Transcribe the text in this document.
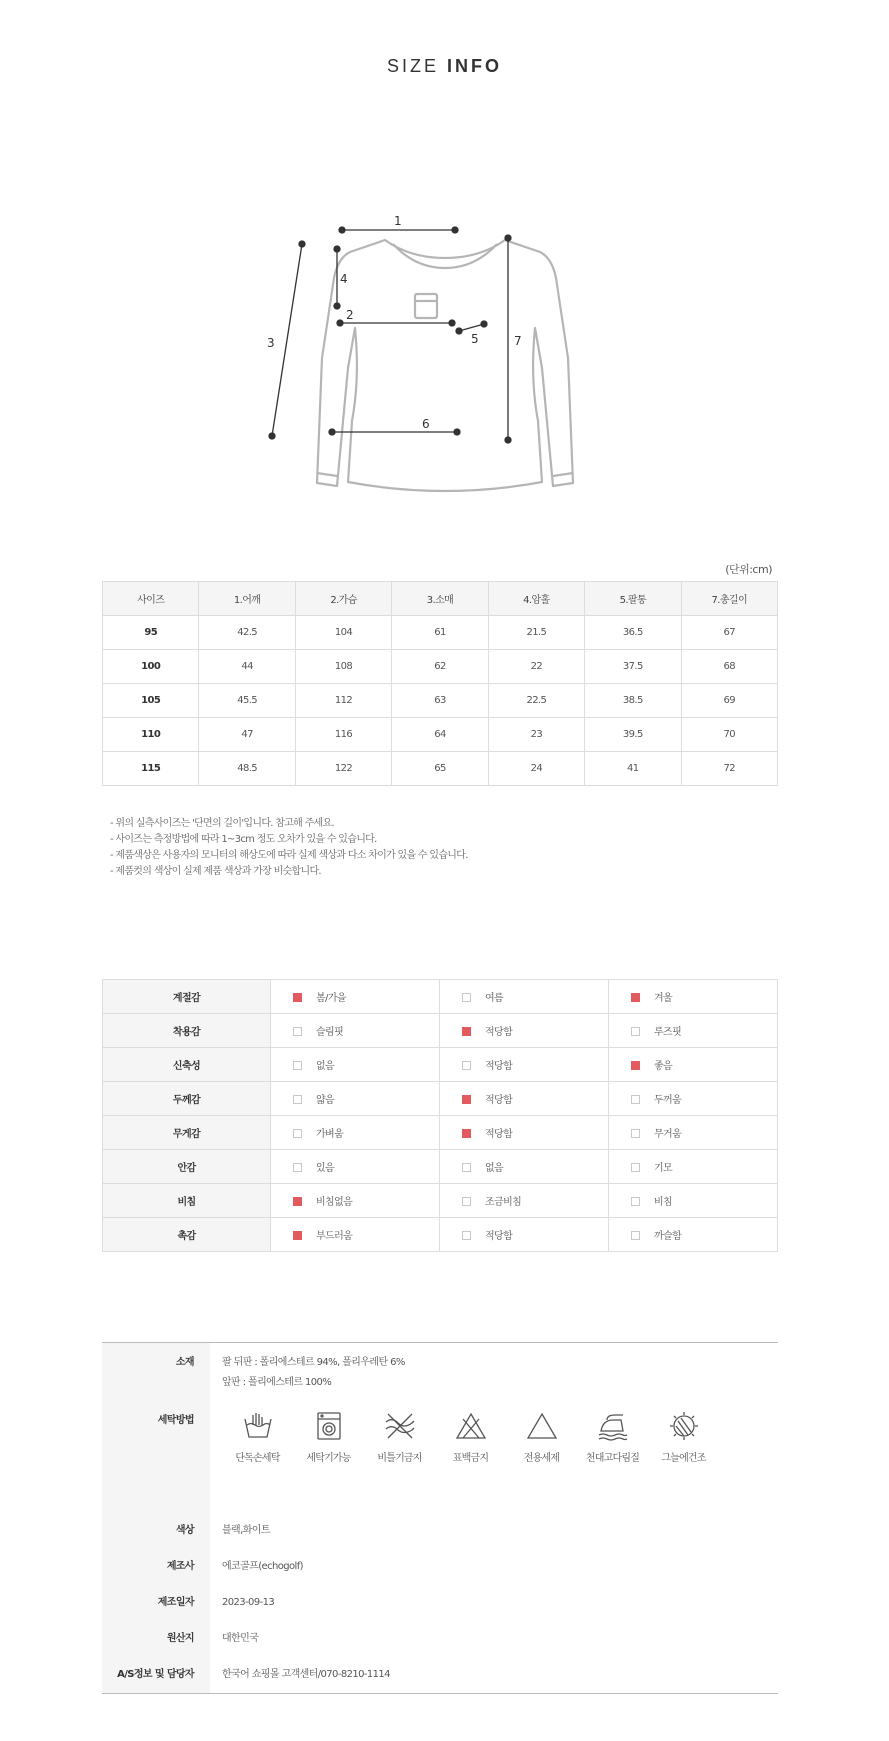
SIZE INFO
1
2
3
4
5
6
7
(단위:cm)
사이즈	1.어깨	2.가슴	3.소매	4.암홀	5.팔통	7.총길이
95	42.5	104	61	21.5	36.5	67
100	44	108	62	22	37.5	68
105	45.5	112	63	22.5	38.5	69
110	47	116	64	23	39.5	70
115	48.5	122	65	24	41	72
- 위의 실측사이즈는 '단면의 길이'입니다. 참고해 주세요.
- 사이즈는 측정방법에 따라 1~3cm 정도 오차가 있을 수 있습니다.
- 제품색상은 사용자의 모니터의 해상도에 따라 실제 색상과 다소 차이가 있을 수 있습니다.
- 제품컷의 색상이 실제 제품 색상과 가장 비슷합니다.
계절감	봄/가을	여름	겨울
착용감	슬림핏	적당함	루즈핏
신축성	없음	적당함	좋음
두께감	얇음	적당함	두꺼움
무게감	가벼움	적당함	무거움
안감	있음	없음	기모
비침	비침없음	조금비침	비침
촉감	부드러움	적당함	까슬함
소재	팔 뒤판 : 폴리에스테르 94%, 폴리우레탄 6%
앞판 : 폴리에스테르 100%
세탁방법
단독손세탁	세탁기가능	비틀기금지	표백금지	전용세제	천대고다림질	그늘에건조
색상	블랙,화이트
제조사	에코골프(echogolf)
제조일자	2023-09-13
원산지	대한민국
A/S정보 및 담당자	한국어 쇼핑몰 고객센터/070-8210-1114
